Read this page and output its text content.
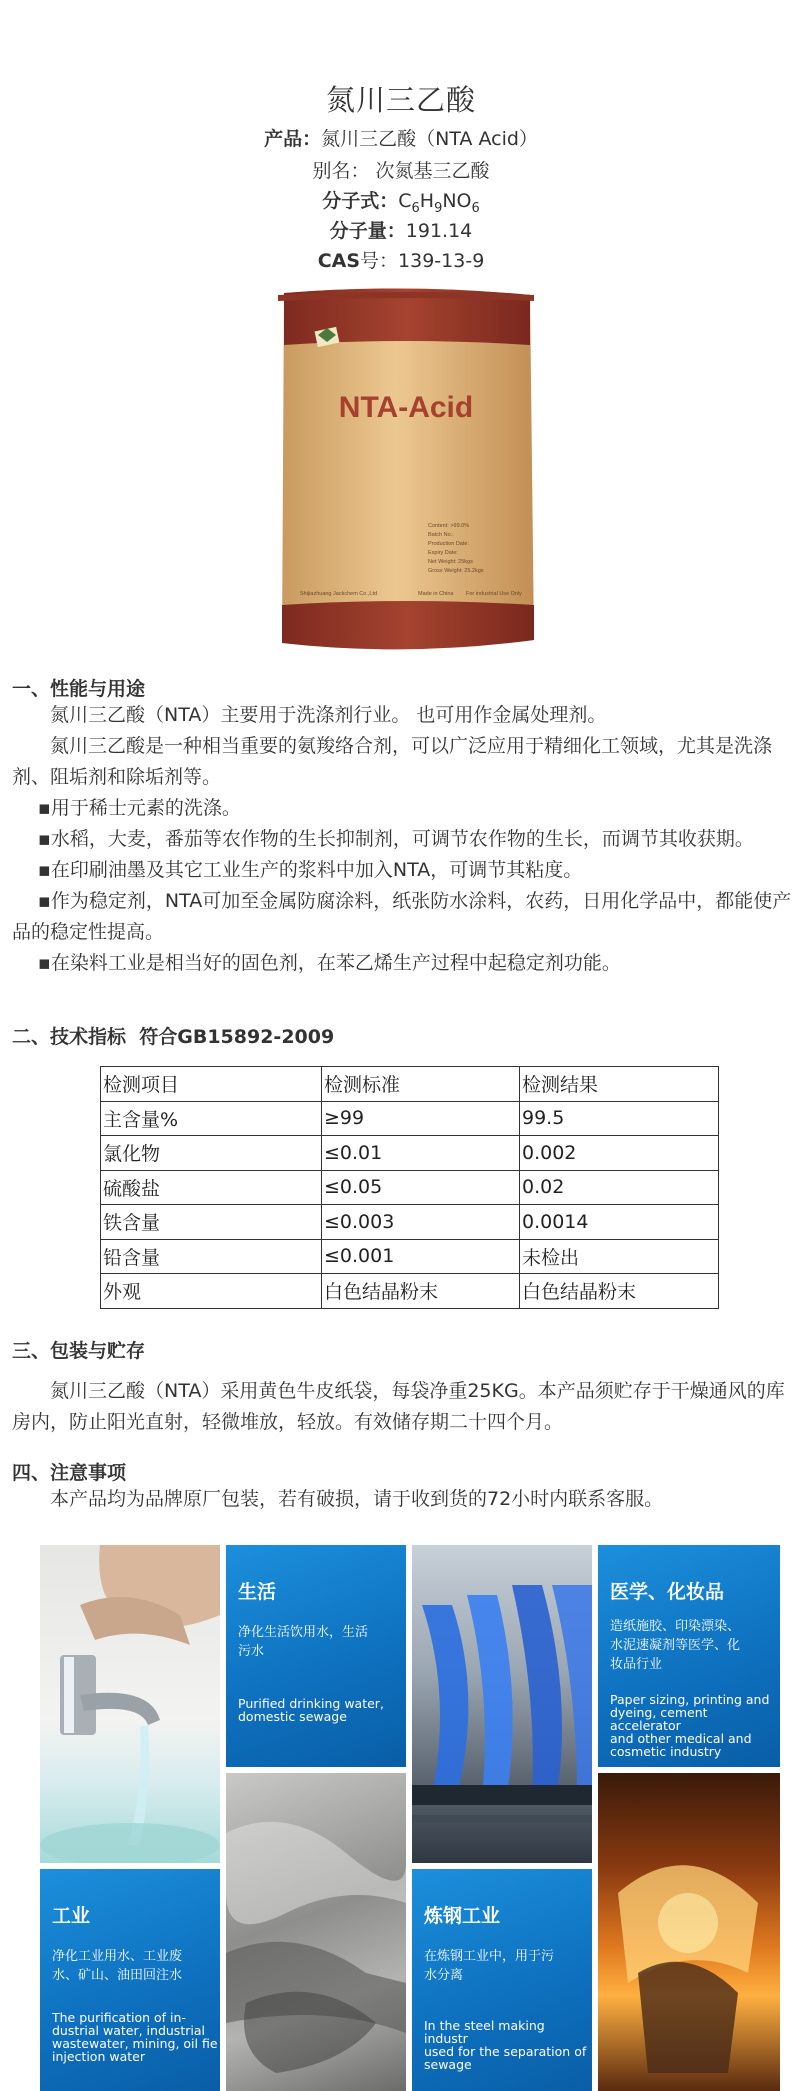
氮川三乙酸
产品：氮川三乙酸（NTA Acid）
别名： 次氮基三乙酸
分子式：$C_6H_9NO_6$
分子量：191.14
CAS号：139-13-9
NTA-Acid
Content: >99.0%
Batch No.:
Production Date:
Expiry Date:
Net Weight: 25kgs
Gross Weight: 25.2kgs
Shijiazhuang Jackchem Co.,Ltd	Made in China For industrial Use Only
一、性能与用途

氮川三乙酸（NTA）主要用于洗涤剂行业。 也可用作金属处理剂。

氮川三乙酸是一种相当重要的氨羧络合剂，可以广泛应用于精细化工领域，尤其是洗涤剂、阻垢剂和除垢剂等。

▪用于稀士元素的洗涤。

▪水稻，大麦，番茄等农作物的生长抑制剂，可调节农作物的生长，而调节其收获期。

▪在印刷油墨及其它工业生产的浆料中加入NTA，可调节其粘度。

▪作为稳定剂，NTA可加至金属防腐涂料，纸张防水涂料，农药，日用化学品中，都能使产品的稳定性提高。

▪在染料工业是相当好的固色剂，在苯乙烯生产过程中起稳定剂功能。

二、技术指标 符合GB15892-2009
检测项目	检测标准	检测结果
主含量%	≥99	99.5
氯化物	≤0.01	0.002
硫酸盐	≤0.05	0.02
铁含量	≤0.003	0.0014
铅含量	≤0.001	未检出
外观	白色结晶粉末	白色结晶粉末
三、包装与贮存

氮川三乙酸（NTA）采用黄色牛皮纸袋，每袋净重25KG。本产品须贮存于干燥通风的库房内，防止阳光直射，轻微堆放，轻放。有效储存期二十四个月。

四、注意事项

本产品均为品牌原厂包装，若有破损，请于收到货的72小时内联系客服。

生活
净化生活饮用水，生活
污水
Purified drinking water,
domestic sewage
炼钢工业
在炼钢工业中，用于污
水分离
In the steel making industr
used for the separation of
sewage
医学、化妆品
造纸施胶、印染漂染、
水泥速凝剂等医学、化
妆品行业
Paper sizing, printing and
dyeing, cement accelerator
and other medical and
cosmetic industry
工业
净化工业用水、工业废
水、矿山、油田回注水
The purification of in-
dustrial water, industrial
wastewater, mining, oil fie
injection water
